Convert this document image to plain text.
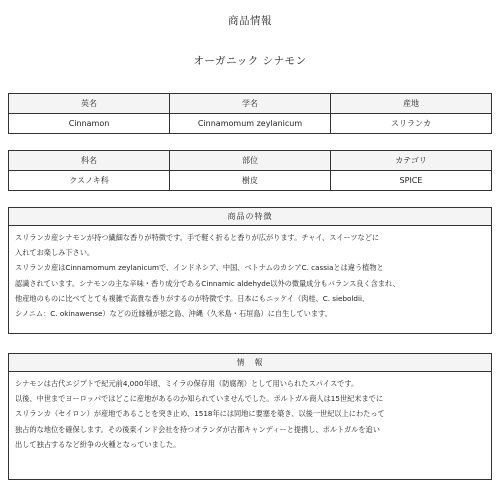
商品情報
オーガニック シナモン
英名	学名	産地
Cinnamon	Cinnamomum zeylanicum	スリランカ
科名	部位	カテゴリ
クスノキ科	樹皮	SPICE
商品の特徴
スリランカ産シナモンが持つ繊細な香りが特徴です。手で軽く折ると香りが広がります。チャイ、スイーツなどに
入れてお楽しみ下さい。
スリランカ産はCinnamomum zeylanicumで、インドネシア、中国、ベトナムのカシアC. cassiaとは違う植物と
認識されています。シナモンの主な辛味・香り成分であるCinnamic aldehyde以外の微量成分もバランス良く含まれ、
他産地のものに比べてとても複雑で高貴な香りがするのが特徴です。日本にもニッケイ（肉桂、C. sieboldii、
シノニム：C. okinawense）などの近縁種が徳之島、沖縄（久米島・石垣島）に自生しています。
情　報
シナモンは古代エジプトで紀元前4,000年頃、ミイラの保存用（防腐剤）として用いられたスパイスです。
以後、中世までヨーロッパではどこに産地があるのか知られていませんでした。ポルトガル商人は15世紀末までに
スリランカ（セイロン）が産地であることを突き止め、1518年には同地に要塞を築き、以後一世紀以上にわたって
独占的な地位を確保します。その後東インド会社を持つオランダが古都キャンディーと提携し、ポルトガルを追い
出して独占するなど紛争の火種となっていました。
